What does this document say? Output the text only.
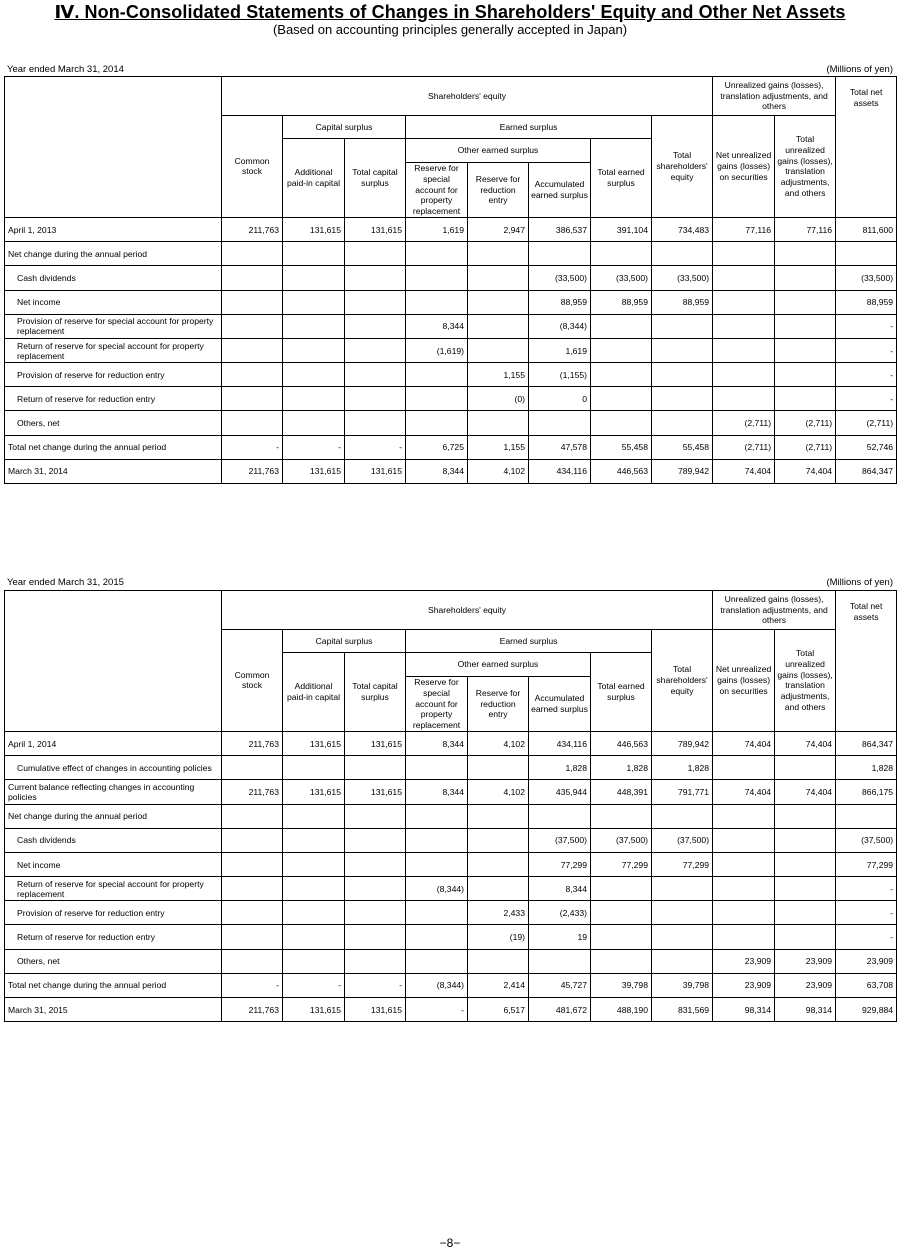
Ⅳ. Non-Consolidated Statements of Changes in Shareholders' Equity and Other Net Assets
(Based on accounting principles generally accepted in Japan)
Year ended March 31, 2014	(Millions of yen)
	Shareholders' equity								Unrealized gains (losses), translation adjustments, and others		Total net assets
	Common stock	Capital surplus		Earned surplus				Total shareholders' equity	Net unrealized gains (losses) on securities	Total unrealized gains (losses), translation adjustments, and others	
		Additional paid-in capital	Total capital surplus	Other earned surplus			Total earned surplus				
				Reserve for special account for property replacement	Reserve for reduction entry	Accumulated earned surplus					
April 1, 2013	211,763	131,615	131,615	1,619	2,947	386,537	391,104	734,483	77,116	77,116	811,600
Net change during the annual period											
Cash dividends						(33,500)	(33,500)	(33,500)			(33,500)
Net income						88,959	88,959	88,959			88,959
Provision of reserve for special account for property replacement				8,344		(8,344)					-
Return of reserve for special account for property replacement				(1,619)		1,619					-
Provision of reserve for reduction entry					1,155	(1,155)					-
Return of reserve for reduction entry					(0)	0					-
Others, net									(2,711)	(2,711)	(2,711)
Total net change during the annual period	-	-	-	6,725	1,155	47,578	55,458	55,458	(2,711)	(2,711)	52,746
March 31, 2014	211,763	131,615	131,615	8,344	4,102	434,116	446,563	789,942	74,404	74,404	864,347
Year ended March 31, 2015	(Millions of yen)
	Shareholders' equity								Unrealized gains (losses), translation adjustments, and others		Total net assets
	Common stock	Capital surplus		Earned surplus				Total shareholders' equity	Net unrealized gains (losses) on securities	Total unrealized gains (losses), translation adjustments, and others	
		Additional paid-in capital	Total capital surplus	Other earned surplus			Total earned surplus				
				Reserve for special account for property replacement	Reserve for reduction entry	Accumulated earned surplus					
April 1, 2014	211,763	131,615	131,615	8,344	4,102	434,116	446,563	789,942	74,404	74,404	864,347
Cumulative effect of changes in accounting policies						1,828	1,828	1,828			1,828
Current balance reflecting changes in accounting policies	211,763	131,615	131,615	8,344	4,102	435,944	448,391	791,771	74,404	74,404	866,175
Net change during the annual period											
Cash dividends						(37,500)	(37,500)	(37,500)			(37,500)
Net income						77,299	77,299	77,299			77,299
Return of reserve for special account for property replacement				(8,344)		8,344					-
Provision of reserve for reduction entry					2,433	(2,433)					-
Return of reserve for reduction entry					(19)	19					-
Others, net									23,909	23,909	23,909
Total net change during the annual period	-	-	-	(8,344)	2,414	45,727	39,798	39,798	23,909	23,909	63,708
March 31, 2015	211,763	131,615	131,615	-	6,517	481,672	488,190	831,569	98,314	98,314	929,884
−8−
